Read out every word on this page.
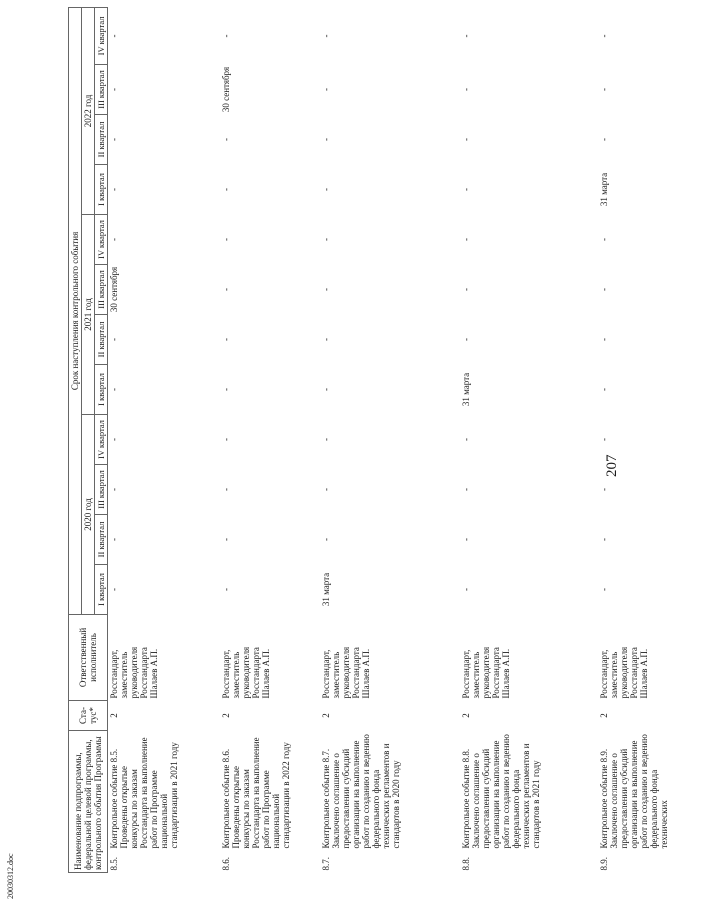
207
20030312.doc
Наименование подпрограммы, федеральной целевой программы, контрольного события Программы		Ста-тус*	Ответственный исполнитель	Срок наступления контрольного события											
				2020 год				2021 год				2022 год			
				I квартал	II квартал	III квартал	IV квартал	I квартал	II квартал	III квартал	IV квартал	I квартал	II квартал	III квартал	IV квартал
8.5.	Контрольное событие 8.5. Проведены открытые конкурсы по заказам Росстандарта на выполнение работ по Программе национальной стандартизации в 2021 году	2	Росстандарт, заместитель руководителя Росстандарта Шалаев А.П.	-	-	-	-	-	-	30 сентября	-	-	-	-	-
8.6.	Контрольное событие 8.6. Проведены открытые конкурсы по заказам Росстандарта на выполнение работ по Программе национальной стандартизации в 2022 году	2	Росстандарт, заместитель руководителя Росстандарта Шалаев А.П.	-	-	-	-	-	-	-	-	-	-	30 сентября	-
8.7.	Контрольное событие 8.7. Заключено соглашение о предоставлении субсидий организации на выполнение работ по созданию и ведению федерального фонда технических регламентов и стандартов в 2020 году	2	Росстандарт, заместитель руководителя Росстандарта Шалаев А.П.	31 марта	-	-	-	-	-	-	-	-	-	-	-
8.8.	Контрольное событие 8.8. Заключено соглашение о предоставлении субсидий организации на выполнение работ по созданию и ведению федерального фонда технических регламентов и стандартов в 2021 году	2	Росстандарт, заместитель руководителя Росстандарта Шалаев А.П.	-	-	-	-	31 марта	-	-	-	-	-	-	-
8.9.	Контрольное событие 8.9. Заключено соглашение о предоставлении субсидий организации на выполнение работ по созданию и ведению федерального фонда технических	2	Росстандарт, заместитель руководителя Росстандарта Шалаев А.П.	-	-	-	-	-	-	-	-	31 марта	-	-	-
